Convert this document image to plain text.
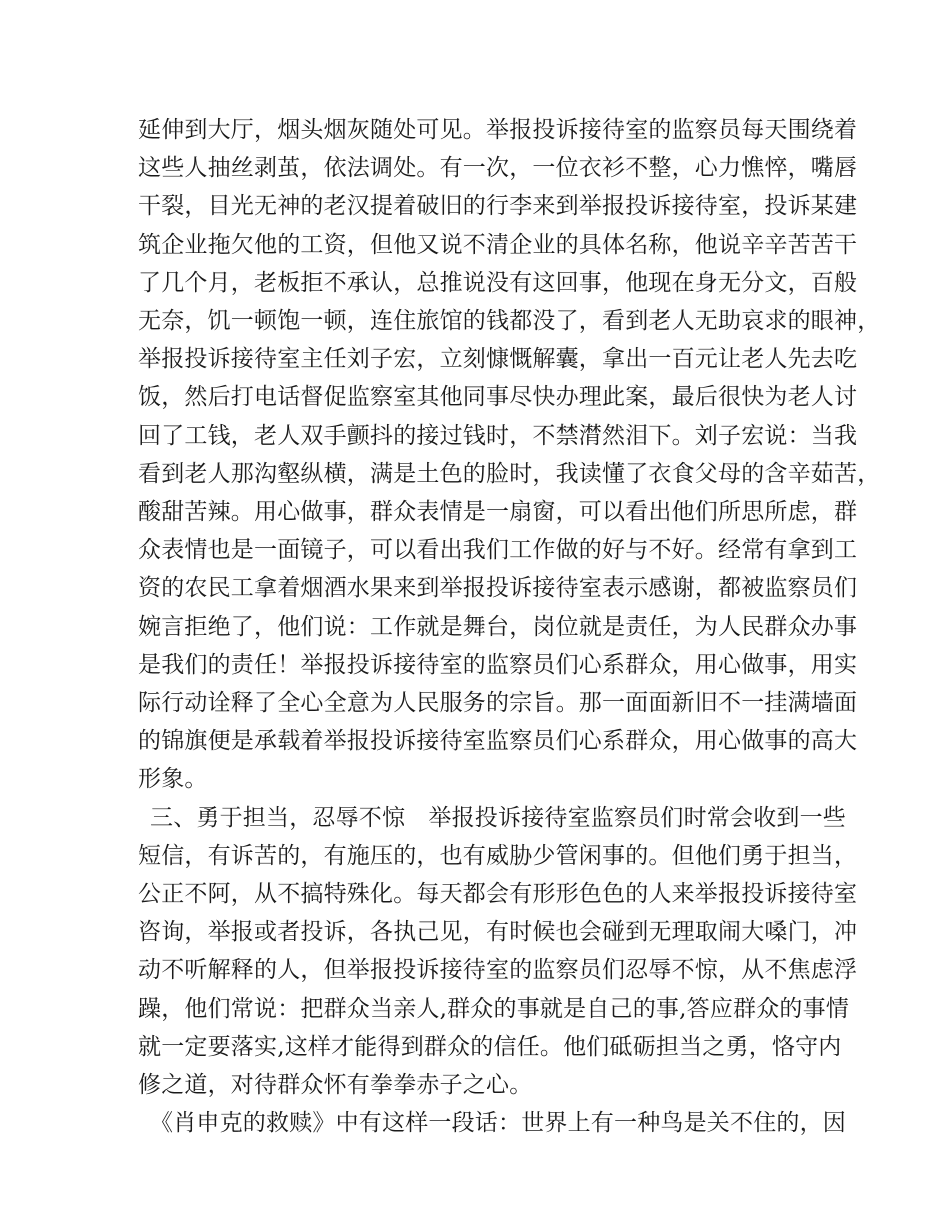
延伸到大厅，烟头烟灰随处可见。举报投诉接待室的监察员每天围绕着
这些人抽丝剥茧，依法调处。有一次，一位衣衫不整，心力憔悴，嘴唇
干裂，目光无神的老汉提着破旧的行李来到举报投诉接待室，投诉某建
筑企业拖欠他的工资，但他又说不清企业的具体名称，他说辛辛苦苦干
了几个月，老板拒不承认，总推说没有这回事，他现在身无分文，百般
无奈，饥一顿饱一顿，连住旅馆的钱都没了，看到老人无助哀求的眼神，
举报投诉接待室主任刘子宏，立刻慷慨解囊，拿出一百元让老人先去吃
饭，然后打电话督促监察室其他同事尽快办理此案，最后很快为老人讨
回了工钱，老人双手颤抖的接过钱时，不禁潸然泪下。刘子宏说：当我
看到老人那沟壑纵横，满是土色的脸时，我读懂了衣食父母的含辛茹苦，
酸甜苦辣。用心做事，群众表情是一扇窗，可以看出他们所思所虑，群
众表情也是一面镜子，可以看出我们工作做的好与不好。经常有拿到工
资的农民工拿着烟酒水果来到举报投诉接待室表示感谢，都被监察员们
婉言拒绝了，他们说：工作就是舞台，岗位就是责任，为人民群众办事
是我们的责任！举报投诉接待室的监察员们心系群众，用心做事，用实
际行动诠释了全心全意为人民服务的宗旨。那一面面新旧不一挂满墙面
的锦旗便是承载着举报投诉接待室监察员们心系群众，用心做事的高大
形象。
三、勇于担当，忍辱不惊　举报投诉接待室监察员们时常会收到一些
短信，有诉苦的，有施压的，也有威胁少管闲事的。但他们勇于担当，
公正不阿，从不搞特殊化。每天都会有形形色色的人来举报投诉接待室
咨询，举报或者投诉，各执己见，有时候也会碰到无理取闹大嗓门，冲
动不听解释的人，但举报投诉接待室的监察员们忍辱不惊，从不焦虑浮
躁，他们常说：把群众当亲人,群众的事就是自己的事,答应群众的事情
就一定要落实,这样才能得到群众的信任。他们砥砺担当之勇，恪守内
修之道，对待群众怀有拳拳赤子之心。
《肖申克的救赎》中有这样一段话：世界上有一种鸟是关不住的，因
